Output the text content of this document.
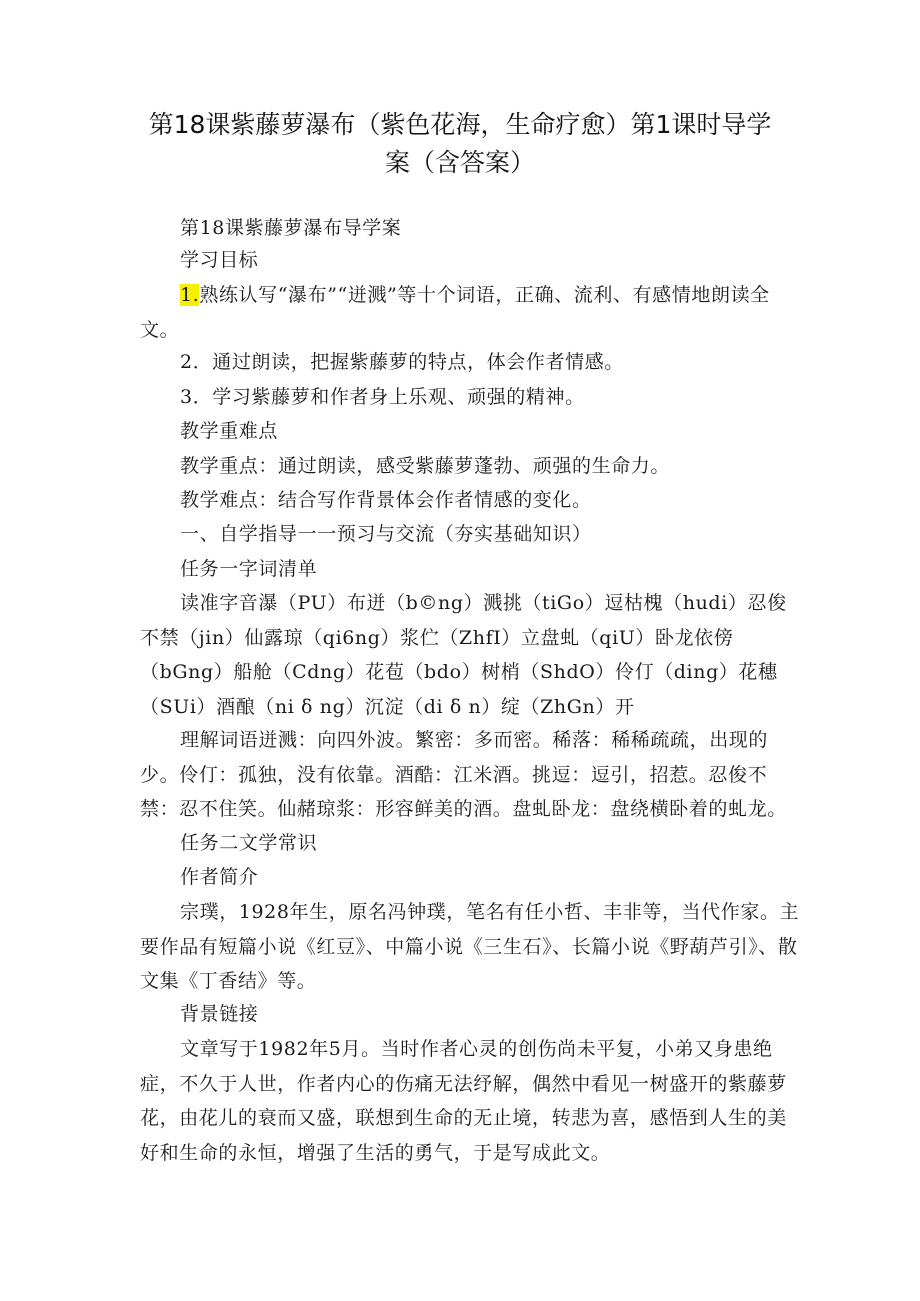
第18课紫藤萝瀑布（紫色花海，生命疗愈）第1课时导学
案（含答案）
第18课紫藤萝瀑布导学案
学习目标
1.熟练认写“瀑布”“迸溅”等十个词语，正确、流利、有感情地朗读全文。
2．通过朗读，把握紫藤萝的特点，体会作者情感。
3．学习紫藤萝和作者身上乐观、顽强的精神。
教学重难点
教学重点：通过朗读，感受紫藤萝蓬勃、顽强的生命力。
教学难点：结合写作背景体会作者情感的变化。
一、自学指导一一预习与交流（夯实基础知识）
任务一字词清单
读准字音瀑（PU）布迸（b©ng）溅挑（tiGo）逗枯槐（hudi）忍俊不禁（jin）仙露琼（qi6ng）浆伫（ZhfI）立盘虬（qiU）卧龙依傍（bGng）船舱（Cdng）花苞（bdo）树梢（ShdO）伶仃（ding）花穗（SUi）酒酿（ni δ ng）沉淀（di δ n）绽（ZhGn）开
理解词语迸溅：向四外波。繁密：多而密。稀落：稀稀疏疏，出现的少。伶仃：孤独，没有依靠。酒酷：江米酒。挑逗：逗引，招惹。忍俊不禁：忍不住笑。仙赭琼浆：形容鲜美的酒。盘虬卧龙：盘绕横卧着的虬龙。
任务二文学常识
作者简介
宗璞，1928年生，原名冯钟璞，笔名有任小哲、丰非等，当代作家。主要作品有短篇小说《红豆》、中篇小说《三生石》、长篇小说《野葫芦引》、散文集《丁香结》等。
背景链接
文章写于1982年5月。当时作者心灵的创伤尚未平复，小弟又身患绝症，不久于人世，作者内心的伤痛无法纾解，偶然中看见一树盛开的紫藤萝花，由花儿的衰而又盛，联想到生命的无止境，转悲为喜，感悟到人生的美好和生命的永恒，增强了生活的勇气，于是写成此文。
